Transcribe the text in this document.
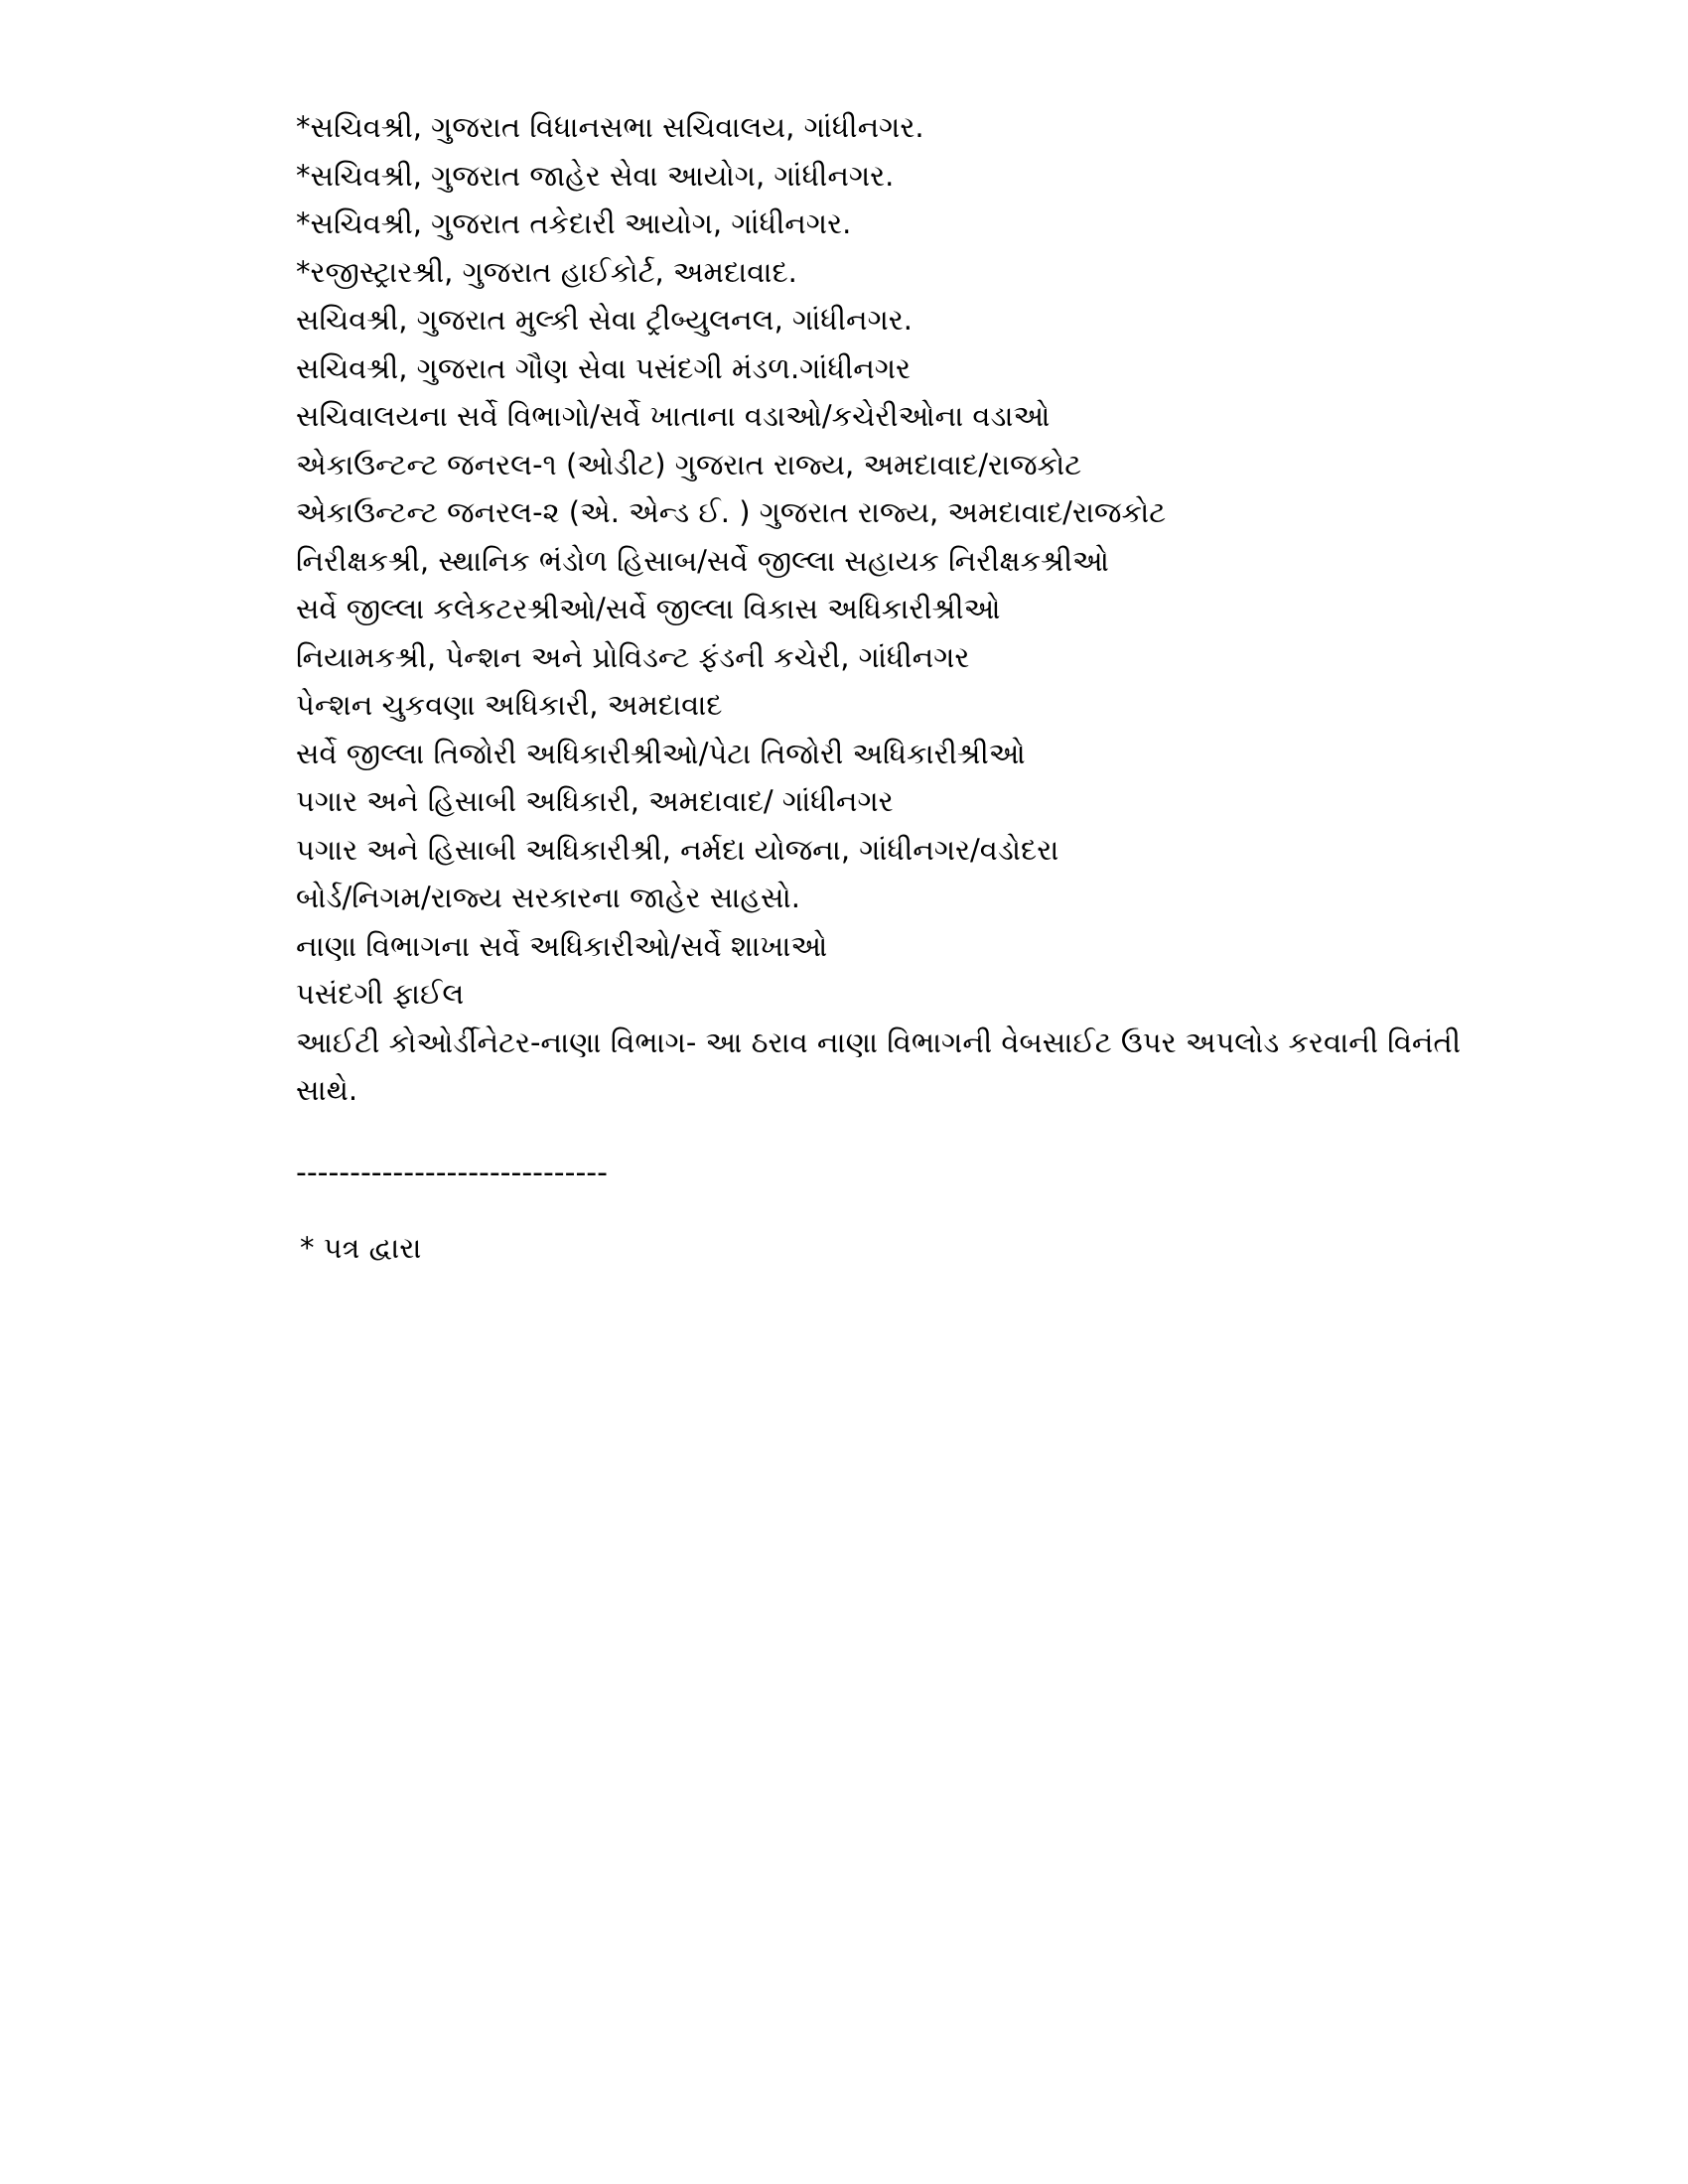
*સચિવશ્રી, ગુજરાત વિધાનસભા સચિવાલય, ગાંધીનગર.
*સચિવશ્રી, ગુજરાત જાહેર સેવા આયોગ, ગાંધીનગર.
*સચિવશ્રી, ગુજરાત તકેદારી આયોગ, ગાંધીનગર.
*રજીસ્ટ્રારશ્રી, ગુજરાત હાઈકોર્ટ, અમદાવાદ.
સચિવશ્રી, ગુજરાત મુલ્કી સેવા ટ્રીબ્યુલનલ, ગાંધીનગર.
સચિવશ્રી, ગુજરાત ગૌણ સેવા પસંદગી મંડળ.ગાંધીનગર
સચિવાલયના સર્વે વિભાગો/સર્વે ખાતાના વડાઓ/કચેરીઓના વડાઓ
એકાઉન્ટન્ટ જનરલ-૧ (ઓડીટ) ગુજરાત રાજ્ય, અમદાવાદ/રાજકોટ
એકાઉન્ટન્ટ જનરલ-૨ (એ. એન્ડ ઈ. ) ગુજરાત રાજ્ય, અમદાવાદ/રાજકોટ
નિરીક્ષકશ્રી, સ્થાનિક ભંડોળ હિસાબ/સર્વે જીલ્લા સહાયક નિરીક્ષકશ્રીઓ
સર્વે જીલ્લા કલેકટરશ્રીઓ/સર્વે જીલ્લા વિકાસ અધિકારીશ્રીઓ
નિયામકશ્રી, પેન્શન અને પ્રોવિડન્ટ ફંડની કચેરી, ગાંધીનગર
પેન્શન ચુકવણા અધિકારી, અમદાવાદ
સર્વે જીલ્લા તિજોરી અધિકારીશ્રીઓ/પેટા તિજોરી અધિકારીશ્રીઓ
પગાર અને હિસાબી અધિકારી, અમદાવાદ/ ગાંધીનગર
પગાર અને હિસાબી અધિકારીશ્રી, નર્મદા યોજના, ગાંધીનગર/વડોદરા
બોર્ડ/નિગમ/રાજ્ય સરકારના જાહેર સાહસો.
નાણા વિભાગના સર્વે અધિકારીઓ/સર્વે શાખાઓ
પસંદગી ફાઈલ
આઈટી કોઓર્ડીનેટર-નાણા વિભાગ- આ ઠરાવ નાણા વિભાગની વેબસાઈટ ઉપર અપલોડ કરવાની વિનંતી સાથે.
-----------------------------
* પત્ર દ્વારા
